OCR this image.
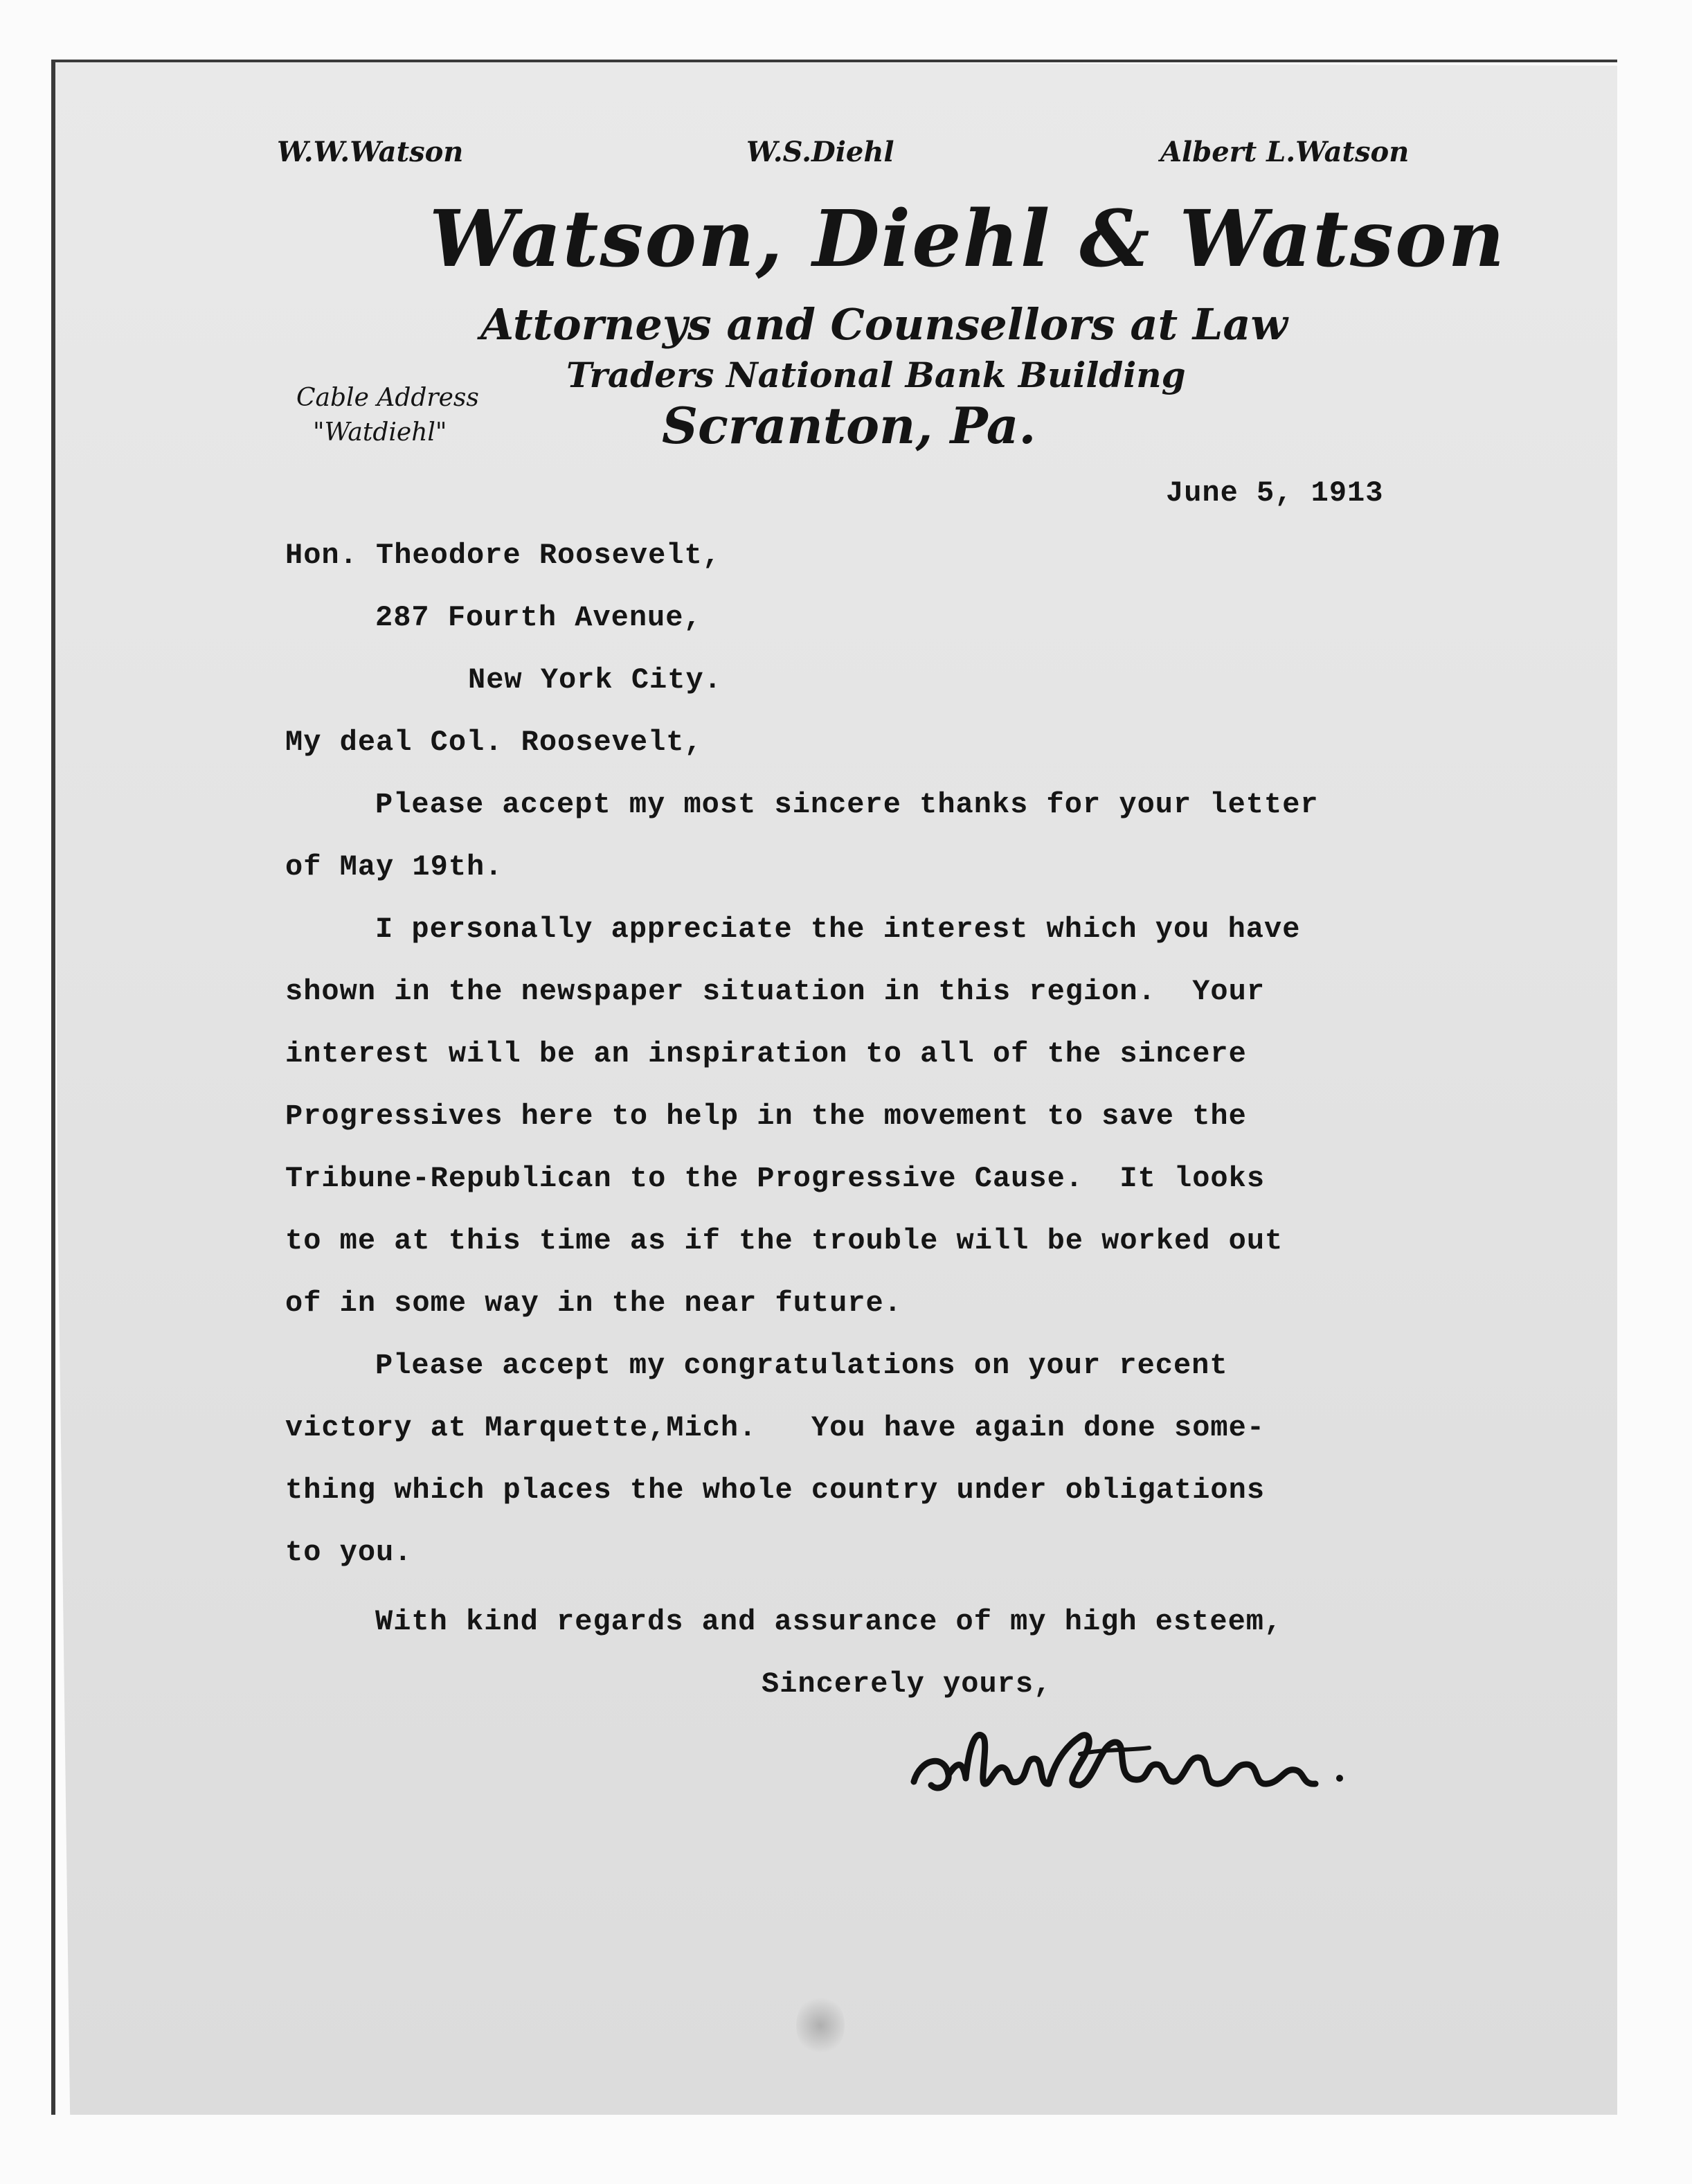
W.W.Watson	W.S.Diehl	Albert L.Watson
Watson, Diehl & Watson
Attorneys and Counsellors at Law
Traders National Bank Building
Scranton, Pa.
Cable Address
"Watdiehl"
June 5, 1913
Hon. Theodore Roosevelt,
287 Fourth Avenue,
New York City.
My deal Col. Roosevelt,
Please accept my most sincere thanks for your letter
of May 19th.
I personally appreciate the interest which you have
shown in the newspaper situation in this region.  Your
interest will be an inspiration to all of the sincere
Progressives here to help in the movement to save the
Tribune-Republican to the Progressive Cause.  It looks
to me at this time as if the trouble will be worked out
of in some way in the near future.
Please accept my congratulations on your recent
victory at Marquette,Mich.   You have again done some-
thing which places the whole country under obligations
to you.
With kind regards and assurance of my high esteem,
Sincerely yours,
